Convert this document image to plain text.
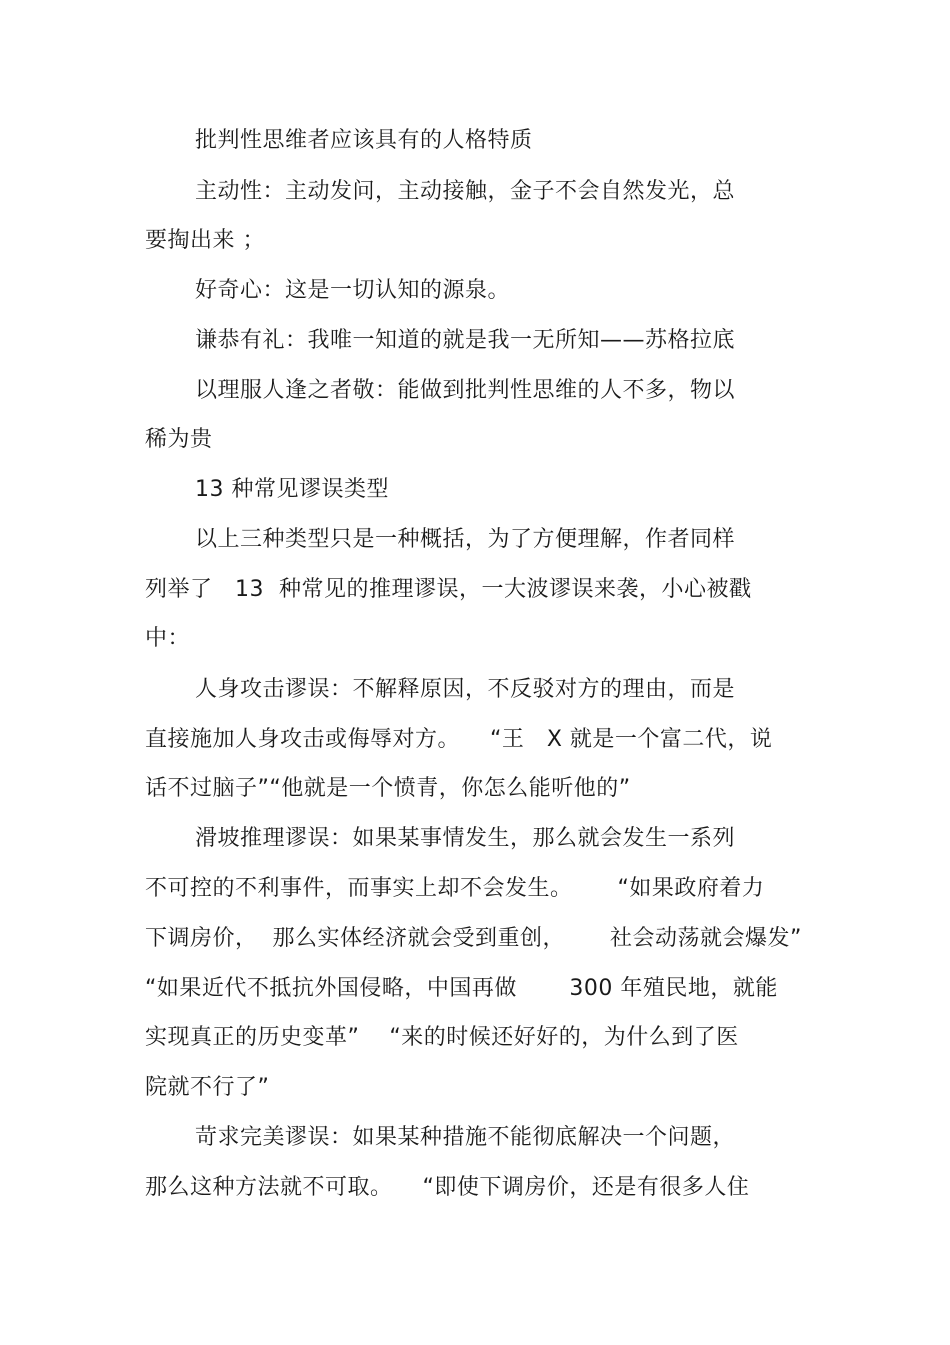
批判性思维者应该具有的人格特质
主动性：主动发问，主动接触，金子不会自然发光，总
要掏出来 ；
好奇心：这是一切认知的源泉。
谦恭有礼：我唯一知道的就是我一无所知——苏格拉底
以理服人逢之者敬：能做到批判性思维的人不多，物以
稀为贵
13 种常见谬误类型
以上三种类型只是一种概括，为了方便理解，作者同样
列举了   13  种常见的推理谬误，一大波谬误来袭，小心被戳
中：
人身攻击谬误：不解释原因，不反驳对方的理由，而是
直接施加人身攻击或侮辱对方。    “王   X 就是一个富二代，说
话不过脑子”“他就是一个愤青，你怎么能听他的”
滑坡推理谬误：如果某事情发生，那么就会发生一系列
不可控的不利事件，而事实上却不会发生。      “如果政府着力
下调房价，  那么实体经济就会受到重创，      社会动荡就会爆发”
“如果近代不抵抗外国侵略，中国再做       300 年殖民地，就能
实现真正的历史变革”    “来的时候还好好的，为什么到了医
院就不行了”
苛求完美谬误：如果某种措施不能彻底解决一个问题，
那么这种方法就不可取。    “即使下调房价，还是有很多人住
